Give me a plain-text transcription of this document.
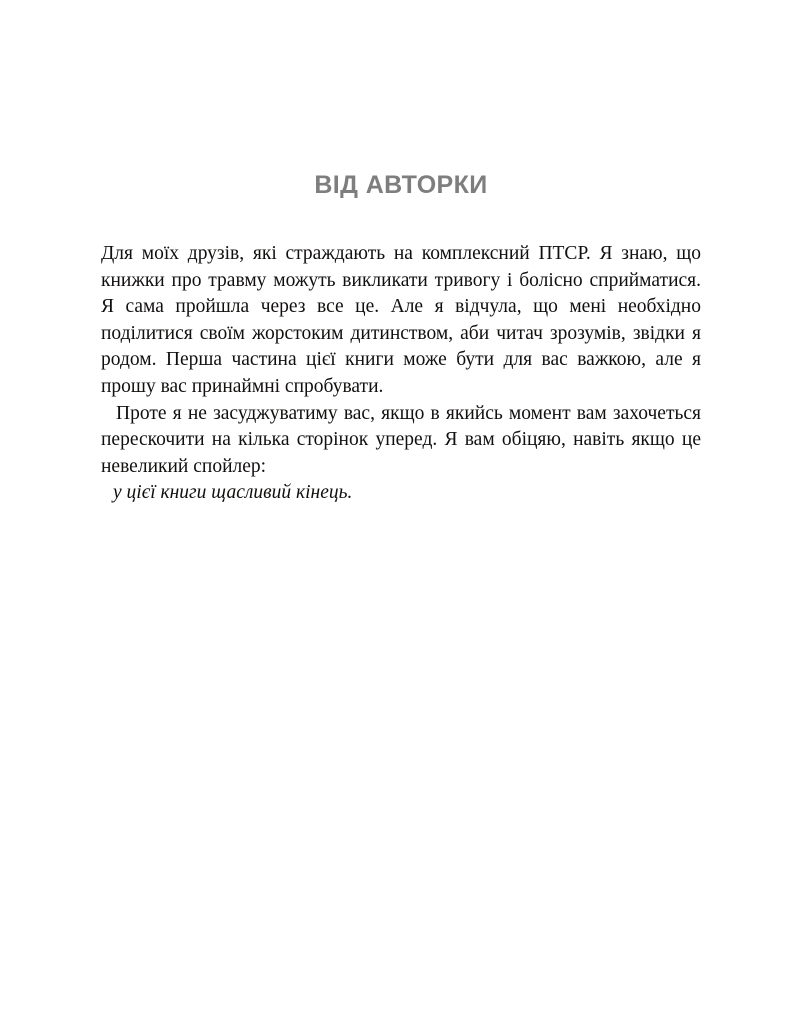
ВІД АВТОРКИ

Для моїх друзів, які страждають на комплексний ПТСР. Я знаю, що книжки про травму можуть викликати тривогу і болісно сприйматися. Я сама пройшла через все це. Але я відчула, що мені необхідно поділитися своїм жорстоким дитинством, аби читач зрозумів, звідки я родом. Перша частина цієї книги може бути для вас важкою, але я прошу вас принаймні спробувати.

Проте я не засуджуватиму вас, якщо в якийсь момент вам захочеться перескочити на кілька сторінок уперед. Я вам обіцяю, навіть якщо це невеликий спойлер:

у цієї книги щасливий кінець.
